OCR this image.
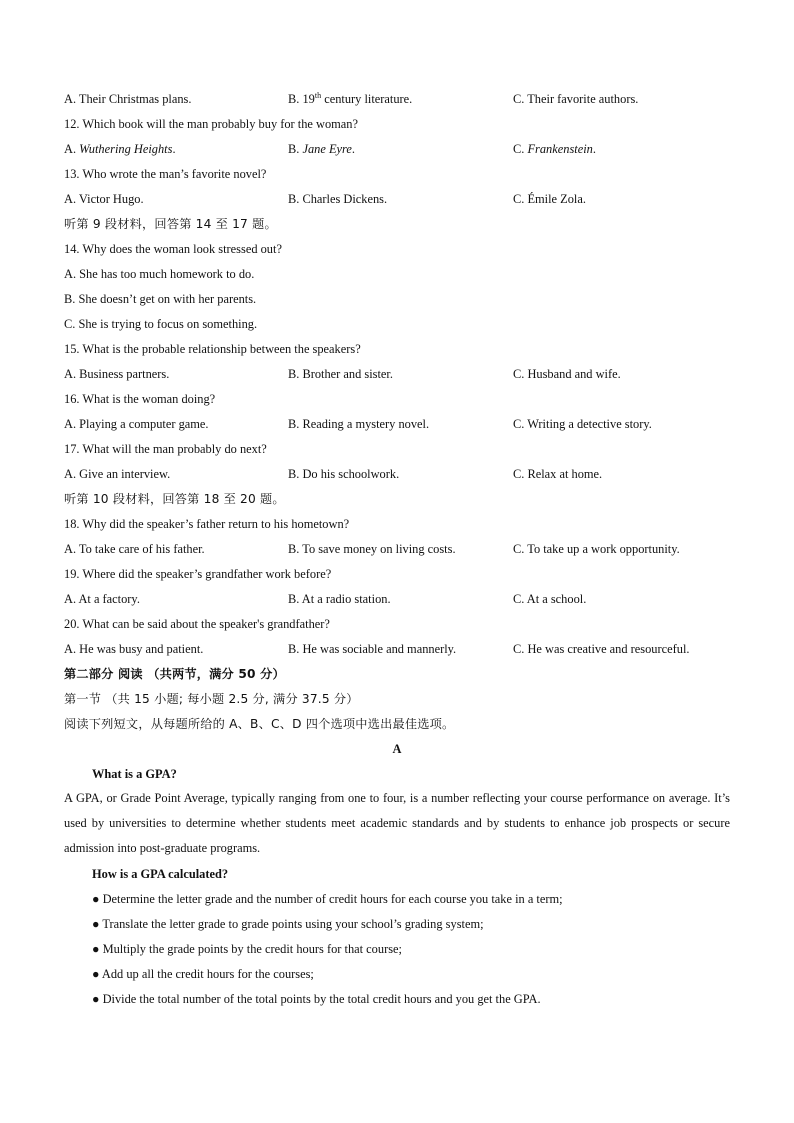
A. Their Christmas plans.	B. 19th century literature.	C. Their favorite authors.
12. Which book will the man probably buy for the woman?
A. Wuthering Heights.	B. Jane Eyre.	C. Frankenstein.
13. Who wrote the man’s favorite novel?
A. Victor Hugo.	B. Charles Dickens.	C. Émile Zola.
听第 9 段材料，回答第 14 至 17 题。
14. Why does the woman look stressed out?
A. She has too much homework to do.
B. She doesn’t get on with her parents.
C. She is trying to focus on something.
15. What is the probable relationship between the speakers?
A. Business partners.	B. Brother and sister.	C. Husband and wife.
16. What is the woman doing?
A. Playing a computer game.	B. Reading a mystery novel.	C. Writing a detective story.
17. What will the man probably do next?
A. Give an interview.	B. Do his schoolwork.	C. Relax at home.
听第 10 段材料，回答第 18 至 20 题。
18. Why did the speaker’s father return to his hometown?
A. To take care of his father.	B. To save money on living costs.	C. To take up a work opportunity.
19. Where did the speaker’s grandfather work before?
A. At a factory.	B. At a radio station.	C. At a school.
20. What can be said about the speaker's grandfather?
A. He was busy and patient.	B. He was sociable and mannerly.	C. He was creative and resourceful.
第二部分 阅读 （共两节，满分 50 分）
第一节 （共 15 小题; 每小题 2.5 分, 满分 37.5 分）
阅读下列短文，从每题所给的 A、B、C、D 四个选项中选出最佳选项。
A
What is a GPA?
A GPA, or Grade Point Average, typically ranging from one to four, is a number reflecting your course performance on average. It’s used by universities to determine whether students meet academic standards and by students to enhance job prospects or secure admission into post-graduate programs.
How is a GPA calculated?
● Determine the letter grade and the number of credit hours for each course you take in a term;
● Translate the letter grade to grade points using your school’s grading system;
● Multiply the grade points by the credit hours for that course;
● Add up all the credit hours for the courses;
● Divide the total number of the total points by the total credit hours and you get the GPA.
